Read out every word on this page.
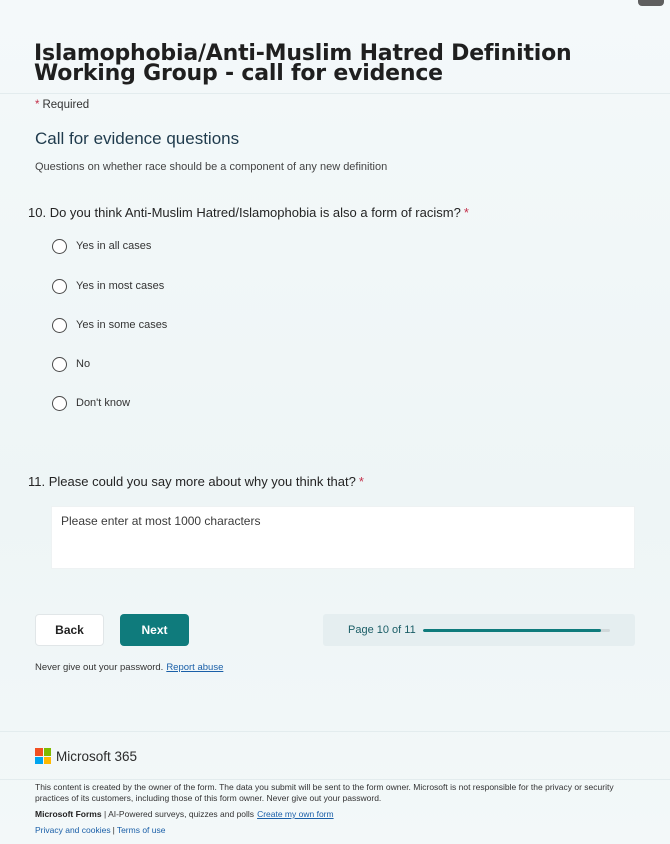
Islamophobia/Anti-Muslim Hatred Definition Working Group - call for evidence
* Required
Call for evidence questions
Questions on whether race should be a component of any new definition
10. Do you think Anti-Muslim Hatred/Islamophobia is also a form of racism? *
Yes in all cases
Yes in most cases
Yes in some cases
No
Don't know
11. Please could you say more about why you think that? *
Please enter at most 1000 characters
Back	Next	Page 10 of 11
Never give out your password. Report abuse
Microsoft 365
This content is created by the owner of the form. The data you submit will be sent to the form owner. Microsoft is not responsible for the privacy or security practices of its customers, including those of this form owner. Never give out your password.
Microsoft Forms | AI-Powered surveys, quizzes and polls Create my own form
Privacy and cookies | Terms of use
